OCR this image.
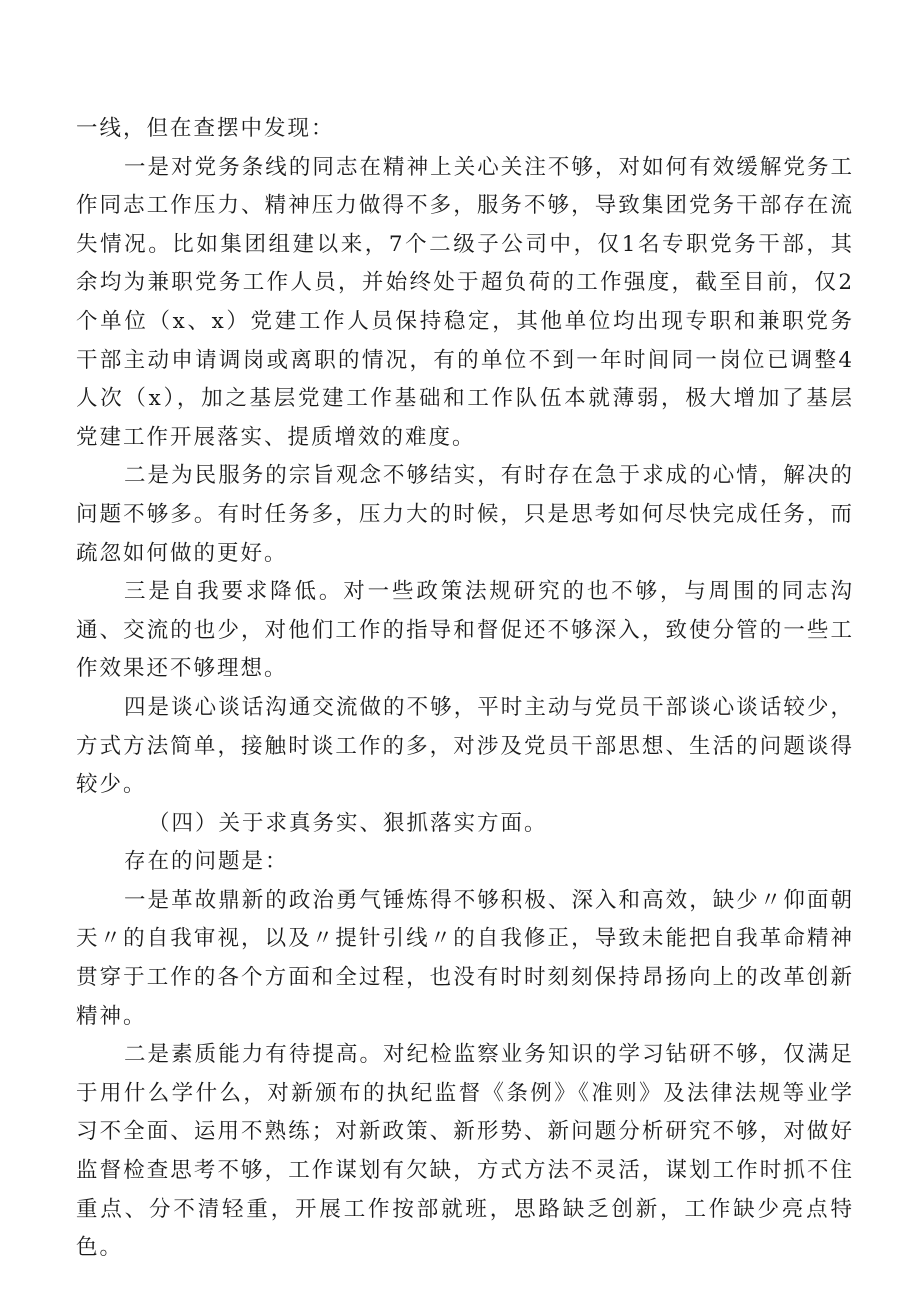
一线，但在查摆中发现：

一是对党务条线的同志在精神上关心关注不够，对如何有效缓解党务工作同志工作压力、精神压力做得不多，服务不够，导致集团党务干部存在流失情况。比如集团组建以来，7个二级子公司中，仅1名专职党务干部，其余均为兼职党务工作人员，并始终处于超负荷的工作强度，截至目前，仅2个单位（x、x）党建工作人员保持稳定，其他单位均出现专职和兼职党务干部主动申请调岗或离职的情况，有的单位不到一年时间同一岗位已调整4人次（x），加之基层党建工作基础和工作队伍本就薄弱，极大增加了基层党建工作开展落实、提质增效的难度。

二是为民服务的宗旨观念不够结实，有时存在急于求成的心情，解决的问题不够多。有时任务多，压力大的时候，只是思考如何尽快完成任务，而疏忽如何做的更好。

三是自我要求降低。对一些政策法规研究的也不够，与周围的同志沟通、交流的也少，对他们工作的指导和督促还不够深入，致使分管的一些工作效果还不够理想。

四是谈心谈话沟通交流做的不够，平时主动与党员干部谈心谈话较少，方式方法简单，接触时谈工作的多，对涉及党员干部思想、生活的问题谈得较少。

（四）关于求真务实、狠抓落实方面。

存在的问题是：

一是革故鼎新的政治勇气锤炼得不够积极、深入和高效，缺少〃仰面朝天〃的自我审视，以及〃提针引线〃的自我修正，导致未能把自我革命精神贯穿于工作的各个方面和全过程，也没有时时刻刻保持昂扬向上的改革创新精神。

二是素质能力有待提高。对纪检监察业务知识的学习钻研不够，仅满足于用什么学什么，对新颁布的执纪监督《条例》《准则》及法律法规等业学习不全面、运用不熟练；对新政策、新形势、新问题分析研究不够，对做好监督检查思考不够，工作谋划有欠缺，方式方法不灵活，谋划工作时抓不住重点、分不清轻重，开展工作按部就班，思路缺乏创新，工作缺少亮点特色。
